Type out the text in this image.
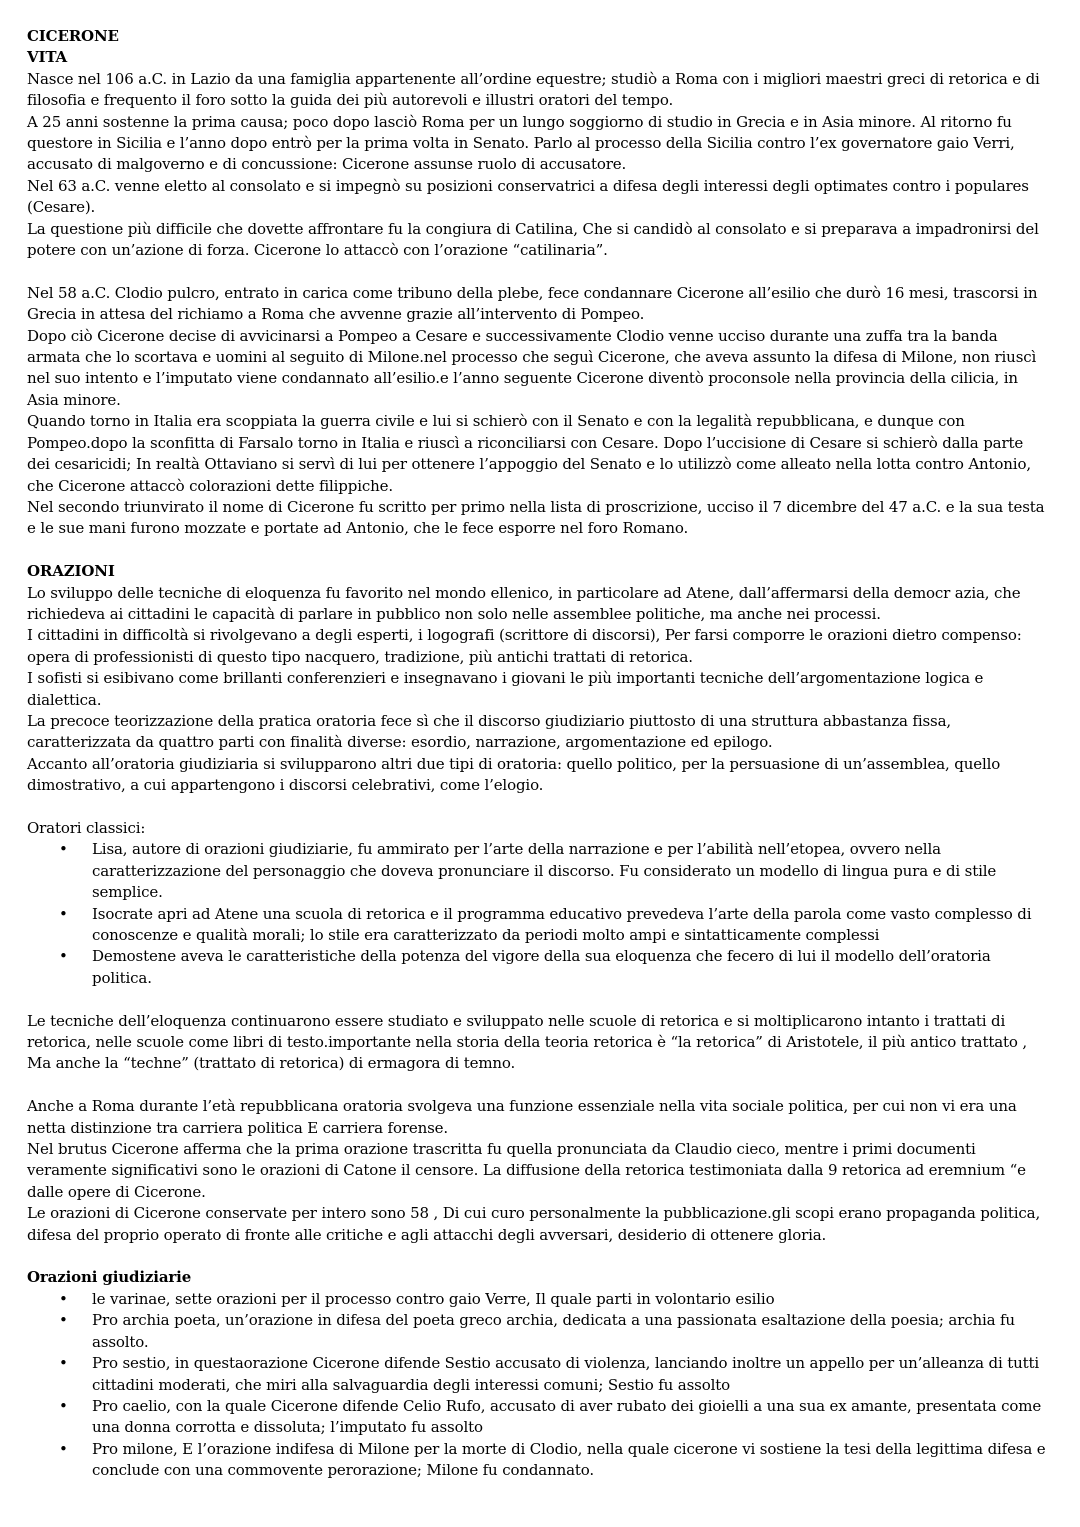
CICERONE
VITA

Nasce nel 106 a.C. in Lazio da una famiglia appartenente all’ordine equestre; studiò a Roma con i migliori maestri greci di retorica e di filosofia e frequento il foro sotto la guida dei più autorevoli e illustri oratori del tempo.

A 25 anni sostenne la prima causa; poco dopo lasciò Roma per un lungo soggiorno di studio in Grecia e in Asia minore. Al ritorno fu questore in Sicilia e l’anno dopo entrò per la prima volta in Senato. Parlo al processo della Sicilia contro l’ex governatore gaio Verri, accusato di malgoverno e di concussione: Cicerone assunse ruolo di accusatore.

Nel 63 a.C. venne eletto al consolato e si impegnò su posizioni conservatrici a difesa degli interessi degli optimates contro i populares (Cesare).

La questione più difficile che dovette affrontare fu la congiura di Catilina, Che si candidò al consolato e si preparava a impadronirsi del potere con un’azione di forza. Cicerone lo attaccò con l’orazione “catilinaria”.

Nel 58 a.C. Clodio pulcro, entrato in carica come tribuno della plebe, fece condannare Cicerone all’esilio che durò 16 mesi, trascorsi in Grecia in attesa del richiamo a Roma che avvenne grazie all’intervento di Pompeo.

Dopo ciò Cicerone decise di avvicinarsi a Pompeo a Cesare e successivamente Clodio venne ucciso durante una zuffa tra la banda armata che lo scortava e uomini al seguito di Milone.nel processo che seguì Cicerone, che aveva assunto la difesa di Milone, non riuscì nel suo intento e l’imputato viene condannato all’esilio.e l’anno seguente Cicerone diventò proconsole nella provincia della cilicia, in Asia minore.

Quando torno in Italia era scoppiata la guerra civile e lui si schierò con il Senato e con la legalità repubblicana, e dunque con Pompeo.dopo la sconfitta di Farsalo torno in Italia e riuscì a riconciliarsi con Cesare. Dopo l’uccisione di Cesare si schierò dalla parte dei cesaricidi; In realtà Ottaviano si servì di lui per ottenere l’appoggio del Senato e lo utilizzò come alleato nella lotta contro Antonio, che Cicerone attaccò colorazioni dette filippiche.

Nel secondo triunvirato il nome di Cicerone fu scritto per primo nella lista di proscrizione, ucciso il 7 dicembre del 47 a.C. e la sua testa e le sue mani furono mozzate e portate ad Antonio, che le fece esporre nel foro Romano.

ORAZIONI

Lo sviluppo delle tecniche di eloquenza fu favorito nel mondo ellenico, in particolare ad Atene, dall’affermarsi della democr azia, che richiedeva ai cittadini le capacità di parlare in pubblico non solo nelle assemblee politiche, ma anche nei processi.

I cittadini in difficoltà si rivolgevano a degli esperti, i logografi (scrittore di discorsi), Per farsi comporre le orazioni dietro compenso: opera di professionisti di questo tipo nacquero, tradizione, più antichi trattati di retorica.

I sofisti si esibivano come brillanti conferenzieri e insegnavano i giovani le più importanti tecniche dell’argomentazione logica e dialettica.

La precoce teorizzazione della pratica oratoria fece sì che il discorso giudiziario piuttosto di una struttura abbastanza fissa, caratterizzata da quattro parti con finalità diverse: esordio, narrazione, argomentazione ed epilogo.

Accanto all’oratoria giudiziaria si svilupparono altri due tipi di oratoria: quello politico, per la persuasione di un’assemblea, quello dimostrativo, a cui appartengono i discorsi celebrativi, come l’elogio.

Oratori classici:

• Lisa, autore di orazioni giudiziarie, fu ammirato per l’arte della narrazione e per l’abilità nell’etopea, ovvero nella caratterizzazione del personaggio che doveva pronunciare il discorso. Fu considerato un modello di lingua pura e di stile semplice.
• Isocrate apri ad Atene una scuola di retorica e il programma educativo prevedeva l’arte della parola come vasto complesso di conoscenze e qualità morali; lo stile era caratterizzato da periodi molto ampi e sintatticamente complessi
• Demostene aveva le caratteristiche della potenza del vigore della sua eloquenza che fecero di lui il modello dell’oratoria politica.

Le tecniche dell’eloquenza continuarono essere studiato e sviluppato nelle scuole di retorica e si moltiplicarono intanto i trattati di retorica, nelle scuole come libri di testo.importante nella storia della teoria retorica è “la retorica” di Aristotele, il più antico trattato , Ma anche la “techne” (trattato di retorica) di ermagora di temno.

Anche a Roma durante l’età repubblicana oratoria svolgeva una funzione essenziale nella vita sociale politica, per cui non vi era una netta distinzione tra carriera politica E carriera forense.

Nel brutus Cicerone afferma che la prima orazione trascritta fu quella pronunciata da Claudio cieco, mentre i primi documenti veramente significativi sono le orazioni di Catone il censore. La diffusione della retorica testimoniata dalla 9 retorica ad eremnium “e dalle opere di Cicerone.

Le orazioni di Cicerone conservate per intero sono 58 , Di cui curo personalmente la pubblicazione.gli scopi erano propaganda politica, difesa del proprio operato di fronte alle critiche e agli attacchi degli avversari, desiderio di ottenere gloria.

Orazioni giudiziarie
• le varinae, sette orazioni per il processo contro gaio Verre, Il quale parti in volontario esilio
• Pro archia poeta, un’orazione in difesa del poeta greco archia, dedicata a una passionata esaltazione della poesia; archia fu assolto.
• Pro sestio, in questaorazione Cicerone difende Sestio accusato di violenza, lanciando inoltre un appello per un’alleanza di tutti cittadini moderati, che miri alla salvaguardia degli interessi comuni; Sestio fu assolto
• Pro caelio, con la quale Cicerone difende Celio Rufo, accusato di aver rubato dei gioielli a una sua ex amante, presentata come una donna corrotta e dissoluta; l’imputato fu assolto
• Pro milone, E l’orazione indifesa di Milone per la morte di Clodio, nella quale cicerone vi sostiene la tesi della legittima difesa e conclude con una commovente perorazione; Milone fu condannato.
